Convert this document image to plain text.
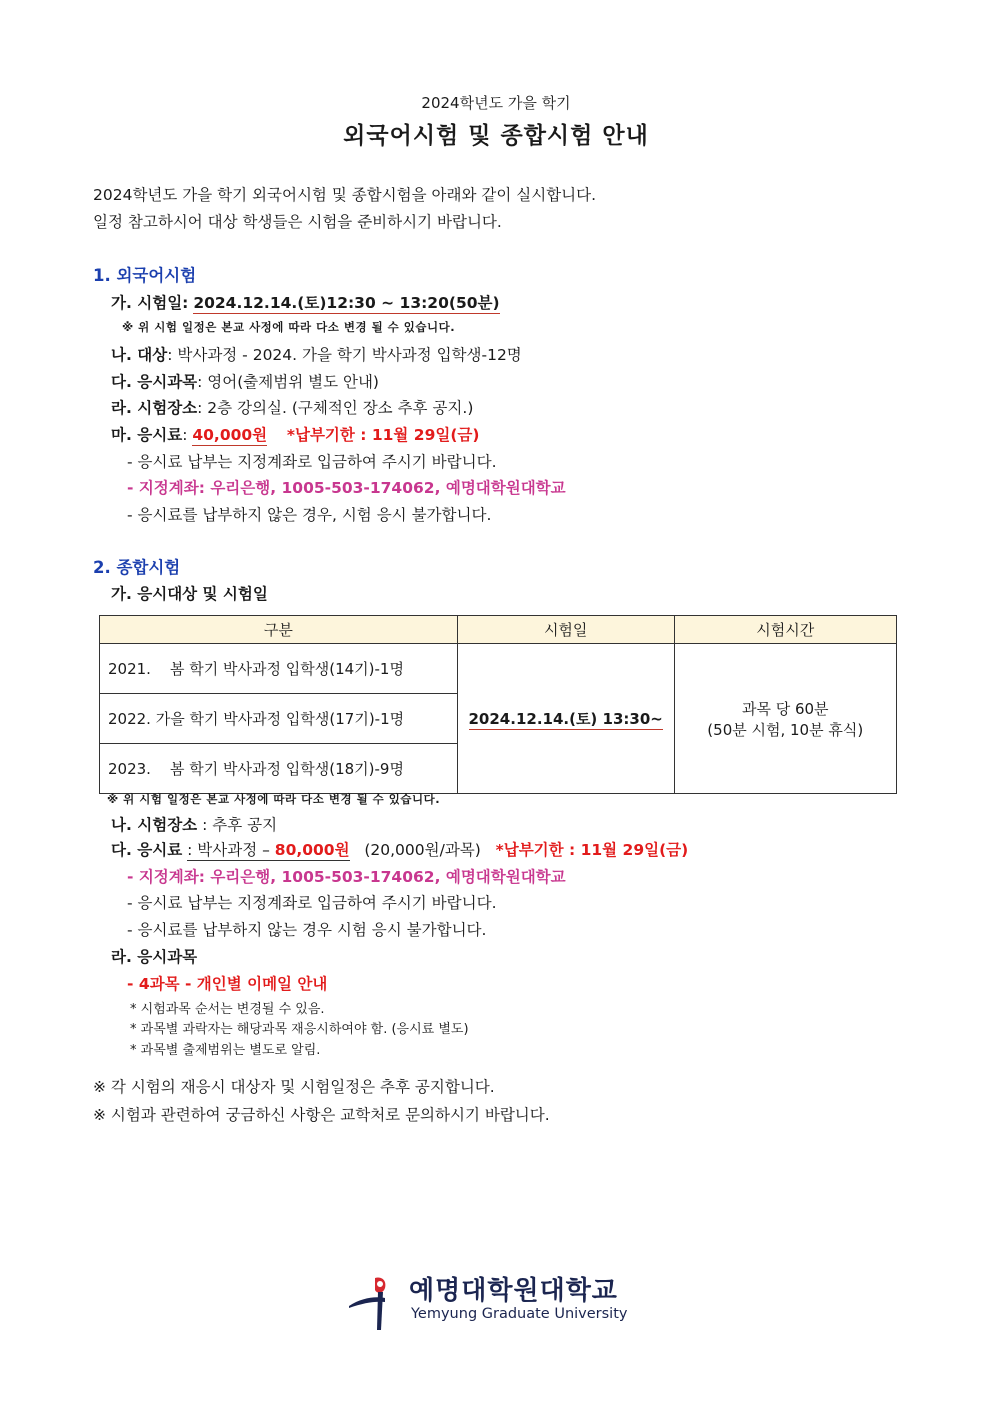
2024학년도 가을 학기
외국어시험 및 종합시험 안내
2024학년도 가을 학기 외국어시험 및 종합시험을 아래와 같이 실시합니다.
일정 참고하시어 대상 학생들은 시험을 준비하시기 바랍니다.
1. 외국어시험
가. 시험일: 2024.12.14.(토)12:30 ~ 13:20(50분)
※ 위 시험 일정은 본교 사정에 따라 다소 변경 될 수 있습니다.
나. 대상: 박사과정 - 2024. 가을 학기 박사과정 입학생-12명
다. 응시과목: 영어(출제범위 별도 안내)
라. 시험장소: 2층 강의실. (구체적인 장소 추후 공지.)
마. 응시료: 40,000원 *납부기한 : 11월 29일(금)
- 응시료 납부는 지정계좌로 입금하여 주시기 바랍니다.
- 지정계좌: 우리은행, 1005-503-174062, 예명대학원대학교
- 응시료를 납부하지 않은 경우, 시험 응시 불가합니다.
2. 종합시험
가. 응시대상 및 시험일
구분	시험일	시험시간
2021.    봄 학기 박사과정 입학생(14기)-1명	2024.12.14.(토) 13:30~	과목 당 60분
(50분 시험, 10분 휴식)

2022. 가을 학기 박사과정 입학생(17기)-1명		
2023.    봄 학기 박사과정 입학생(18기)-9명		
※ 위 시험 일정은 본교 사정에 따라 다소 변경 될 수 있습니다.
나. 시험장소 : 추후 공지
다. 응시료 : 박사과정 – 80,000원 (20,000원/과목) *납부기한 : 11월 29일(금)
- 지정계좌: 우리은행, 1005-503-174062, 예명대학원대학교
- 응시료 납부는 지정계좌로 입금하여 주시기 바랍니다.
- 응시료를 납부하지 않는 경우 시험 응시 불가합니다.
라. 응시과목
- 4과목 - 개인별 이메일 안내
* 시험과목 순서는 변경될 수 있음.
* 과목별 과락자는 해당과목 재응시하여야 함. (응시료 별도)
* 과목별 출제범위는 별도로 알림.
※ 각 시험의 재응시 대상자 및 시험일정은 추후 공지합니다.
※ 시험과 관련하여 궁금하신 사항은 교학처로 문의하시기 바랍니다.
예명대학원대학교
Yemyung Graduate University
